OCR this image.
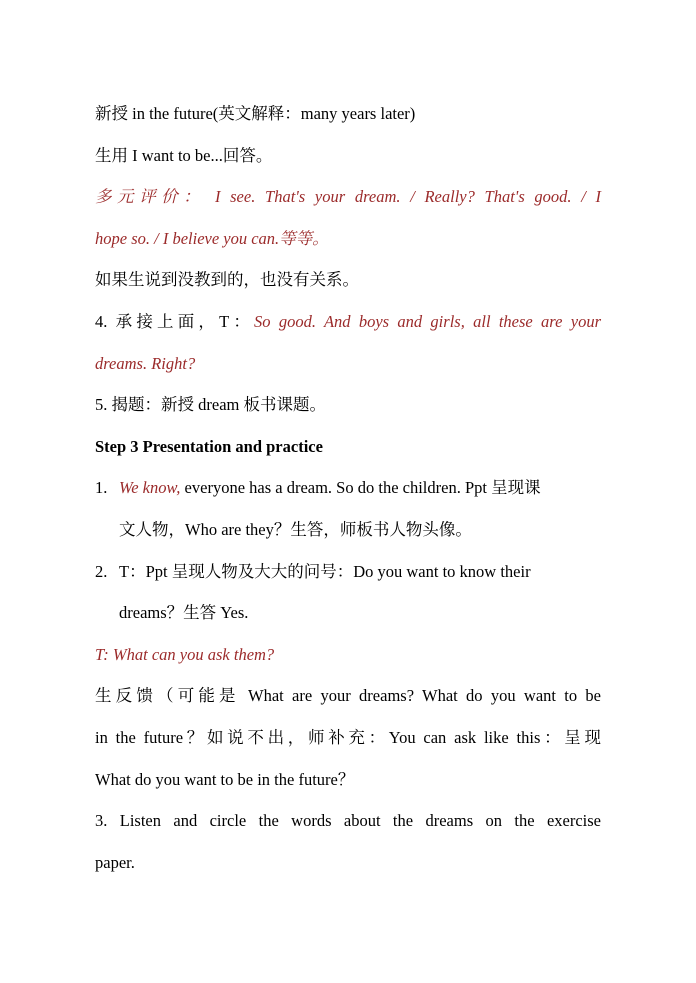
新授 in the future(英文解释：many years later)
生用 I want to be...回答。
多元评价： I see. That's your dream. / Really? That's good. / I
hope so. / I believe you can.等等。
如果生说到没教到的，也没有关系。
4. 承接上面，T：So good. And boys and girls, all these are your
dreams. Right?
5. 揭题：新授 dream 板书课题。
Step 3 Presentation and practice
1. We know, everyone has a dream. So do the children. Ppt 呈现课
文人物，Who are they？生答，师板书人物头像。
2. T：Ppt 呈现人物及大大的问号：Do you want to know their
dreams？生答 Yes.
T: What can you ask them?
生反馈（可能是 What are your dreams? What do you want to be
in the future？如说不出，师补充：You can ask like this：呈现
What do you want to be in the future？
3. Listen and circle the words about the dreams on the exercise
paper.
